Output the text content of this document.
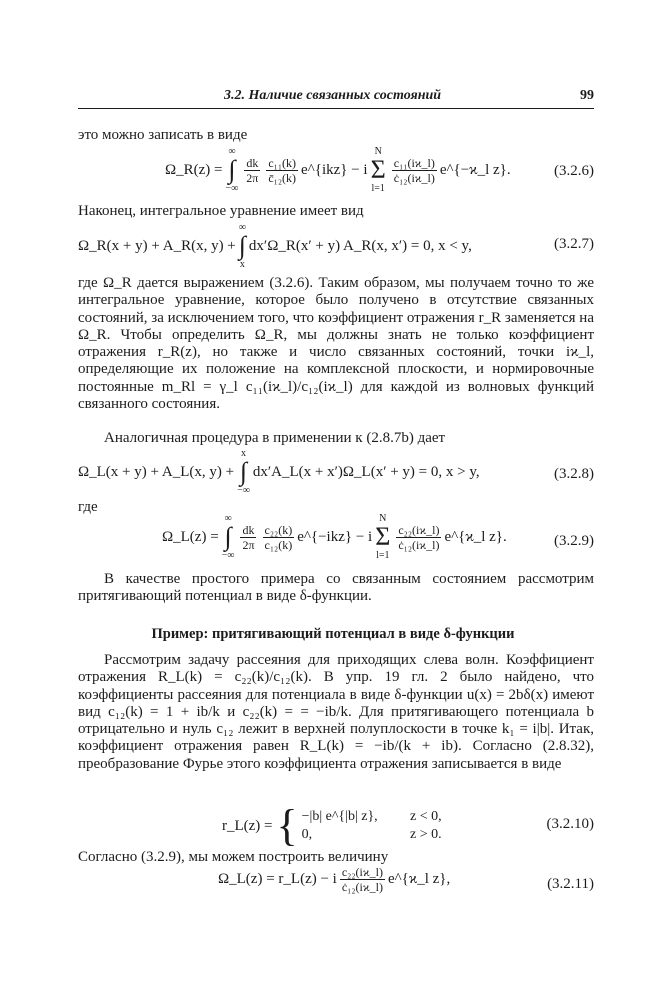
3.2. Наличие связанных состояний	99
это можно записать в виде
Ω_R(z) =
∞
∫
−∞
$\frac{dk}{2\pi} \frac{\text{c₁₁(k)}}{\text{c̄₁₂(k)}}$ e^{ikz} − i
N
Σ
l=1
$\frac{\text{c₁₁(iϰ\_l)}}{\text{ċ₁₂(iϰ\_l)}}$ e^{−ϰ_l z}.	(3.2.6)
Наконец, интегральное уравнение имеет вид
Ω_R(x + y) + A_R(x, y) +
∞
∫
x
dx′Ω_R(x′ + y) A_R(x, x′) = 0, x < y,	(3.2.7)

где Ω_R дается выражением (3.2.6). Таким образом, мы получаем точно то же интегральное уравнение, которое было получено в отсутствие связанных состояний, за исключением того, что коэффициент отражения r_R заменяется на Ω_R. Чтобы определить Ω_R, мы должны знать не только коэффициент отражения r_R(z), но также и число связанных состояний, точки iϰ_l, определяющие их положение на комплексной плоскости, и нормировочные постоянные m_Rl = γ_l c₁₁(iϰ_l)/c₁₂(iϰ_l) для каждой из волновых функций связанного состояния.

Аналогичная процедура в применении к (2.8.7b) дает
Ω_L(x + y) + A_L(x, y) +
x
∫
−∞
dx′A_L(x + x′)Ω_L(x′ + y) = 0, x > y,	(3.2.8)
где
Ω_L(z) =
∞
∫
−∞
$\frac{dk}{2\pi} \frac{\text{c₂₂(k)}}{\text{c₁₂(k)}}$ e^{−ikz} − i
N
Σ
l=1
$\frac{\text{c₂₂(iϰ\_l)}}{\text{ċ₁₂(iϰ\_l)}}$ e^{ϰ_l z}.	(3.2.9)

В качестве простого примера со связанным состоянием рассмотрим притягивающий потенциал в виде δ-функции.

Пример: притягивающий потенциал в виде δ-функции

Рассмотрим задачу рассеяния для приходящих слева волн. Коэффициент отражения R_L(k) = c₂₂(k)/c₁₂(k). В упр. 19 гл. 2 было найдено, что коэффициенты рассеяния для потенциала в виде δ-функции u(x) = 2bδ(x) имеют вид c₁₂(k) = 1 + ib/k и c₂₂(k) = = −ib/k. Для притягивающего потенциала b отрицательно и нуль c₁₂ лежит в верхней полуплоскости в точке k₁ = i|b|. Итак, коэффициент отражения равен R_L(k) = −ib/(k + ib). Согласно (2.8.32), преобразование Фурье этого коэффициента отражения записывается в виде

r_L(z) = { −|b| e^{|b| z}, z < 0,
0,	z > 0.
(3.2.10)
Согласно (3.2.9), мы можем построить величину
Ω_L(z) = r_L(z) − i $\frac{\text{c₂₂(iϰ\_l)}}{\text{ċ₁₂(iϰ\_l)}}$ e^{ϰ_l z},	(3.2.11)
